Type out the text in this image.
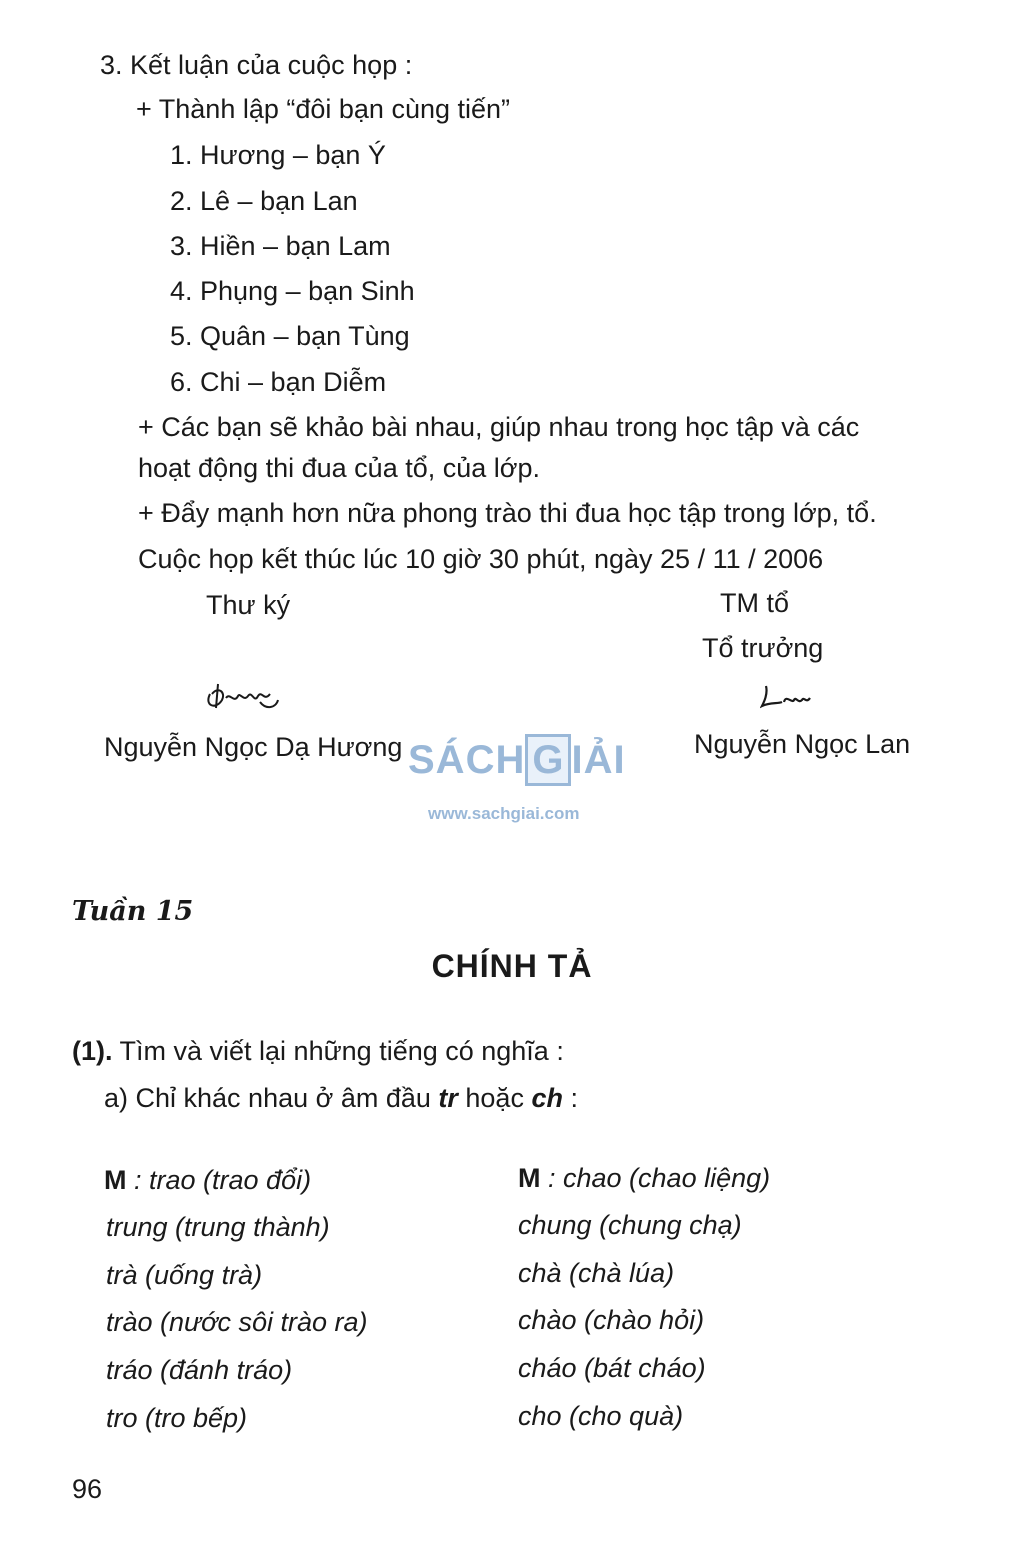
3. Kết luận của cuộc họp :
+ Thành lập “đôi bạn cùng tiến”
1. Hương – bạn Ý
2. Lê – bạn Lan
3. Hiền – bạn Lam
4. Phụng – bạn Sinh
5. Quân – bạn Tùng
6. Chi – bạn Diễm
+ Các bạn sẽ khảo bài nhau, giúp nhau trong học tập và các
hoạt động thi đua của tổ, của lớp.
+ Đẩy mạnh hơn nữa phong trào thi đua học tập trong lớp, tổ.
Cuộc họp kết thúc lúc 10 giờ 30 phút, ngày 25 / 11 / 2006
Thư ký	TM tổ
Tổ trưởng
Nguyễn Ngọc Dạ Hương	Nguyễn Ngọc Lan
SÁCH G IẢI
www.sachgiai.com
Tuần 15
CHÍNH TẢ
(1). Tìm và viết lại những tiếng có nghĩa :
a) Chỉ khác nhau ở âm đầu tr hoặc ch :
M : trao (trao đổi)
trung (trung thành)
trà (uống trà)
trào (nước sôi trào ra)
tráo (đánh tráo)
tro (tro bếp)
M : chao (chao liệng)
chung (chung chạ)
chà (chà lúa)
chào (chào hỏi)
cháo (bát cháo)
cho (cho quà)
96
